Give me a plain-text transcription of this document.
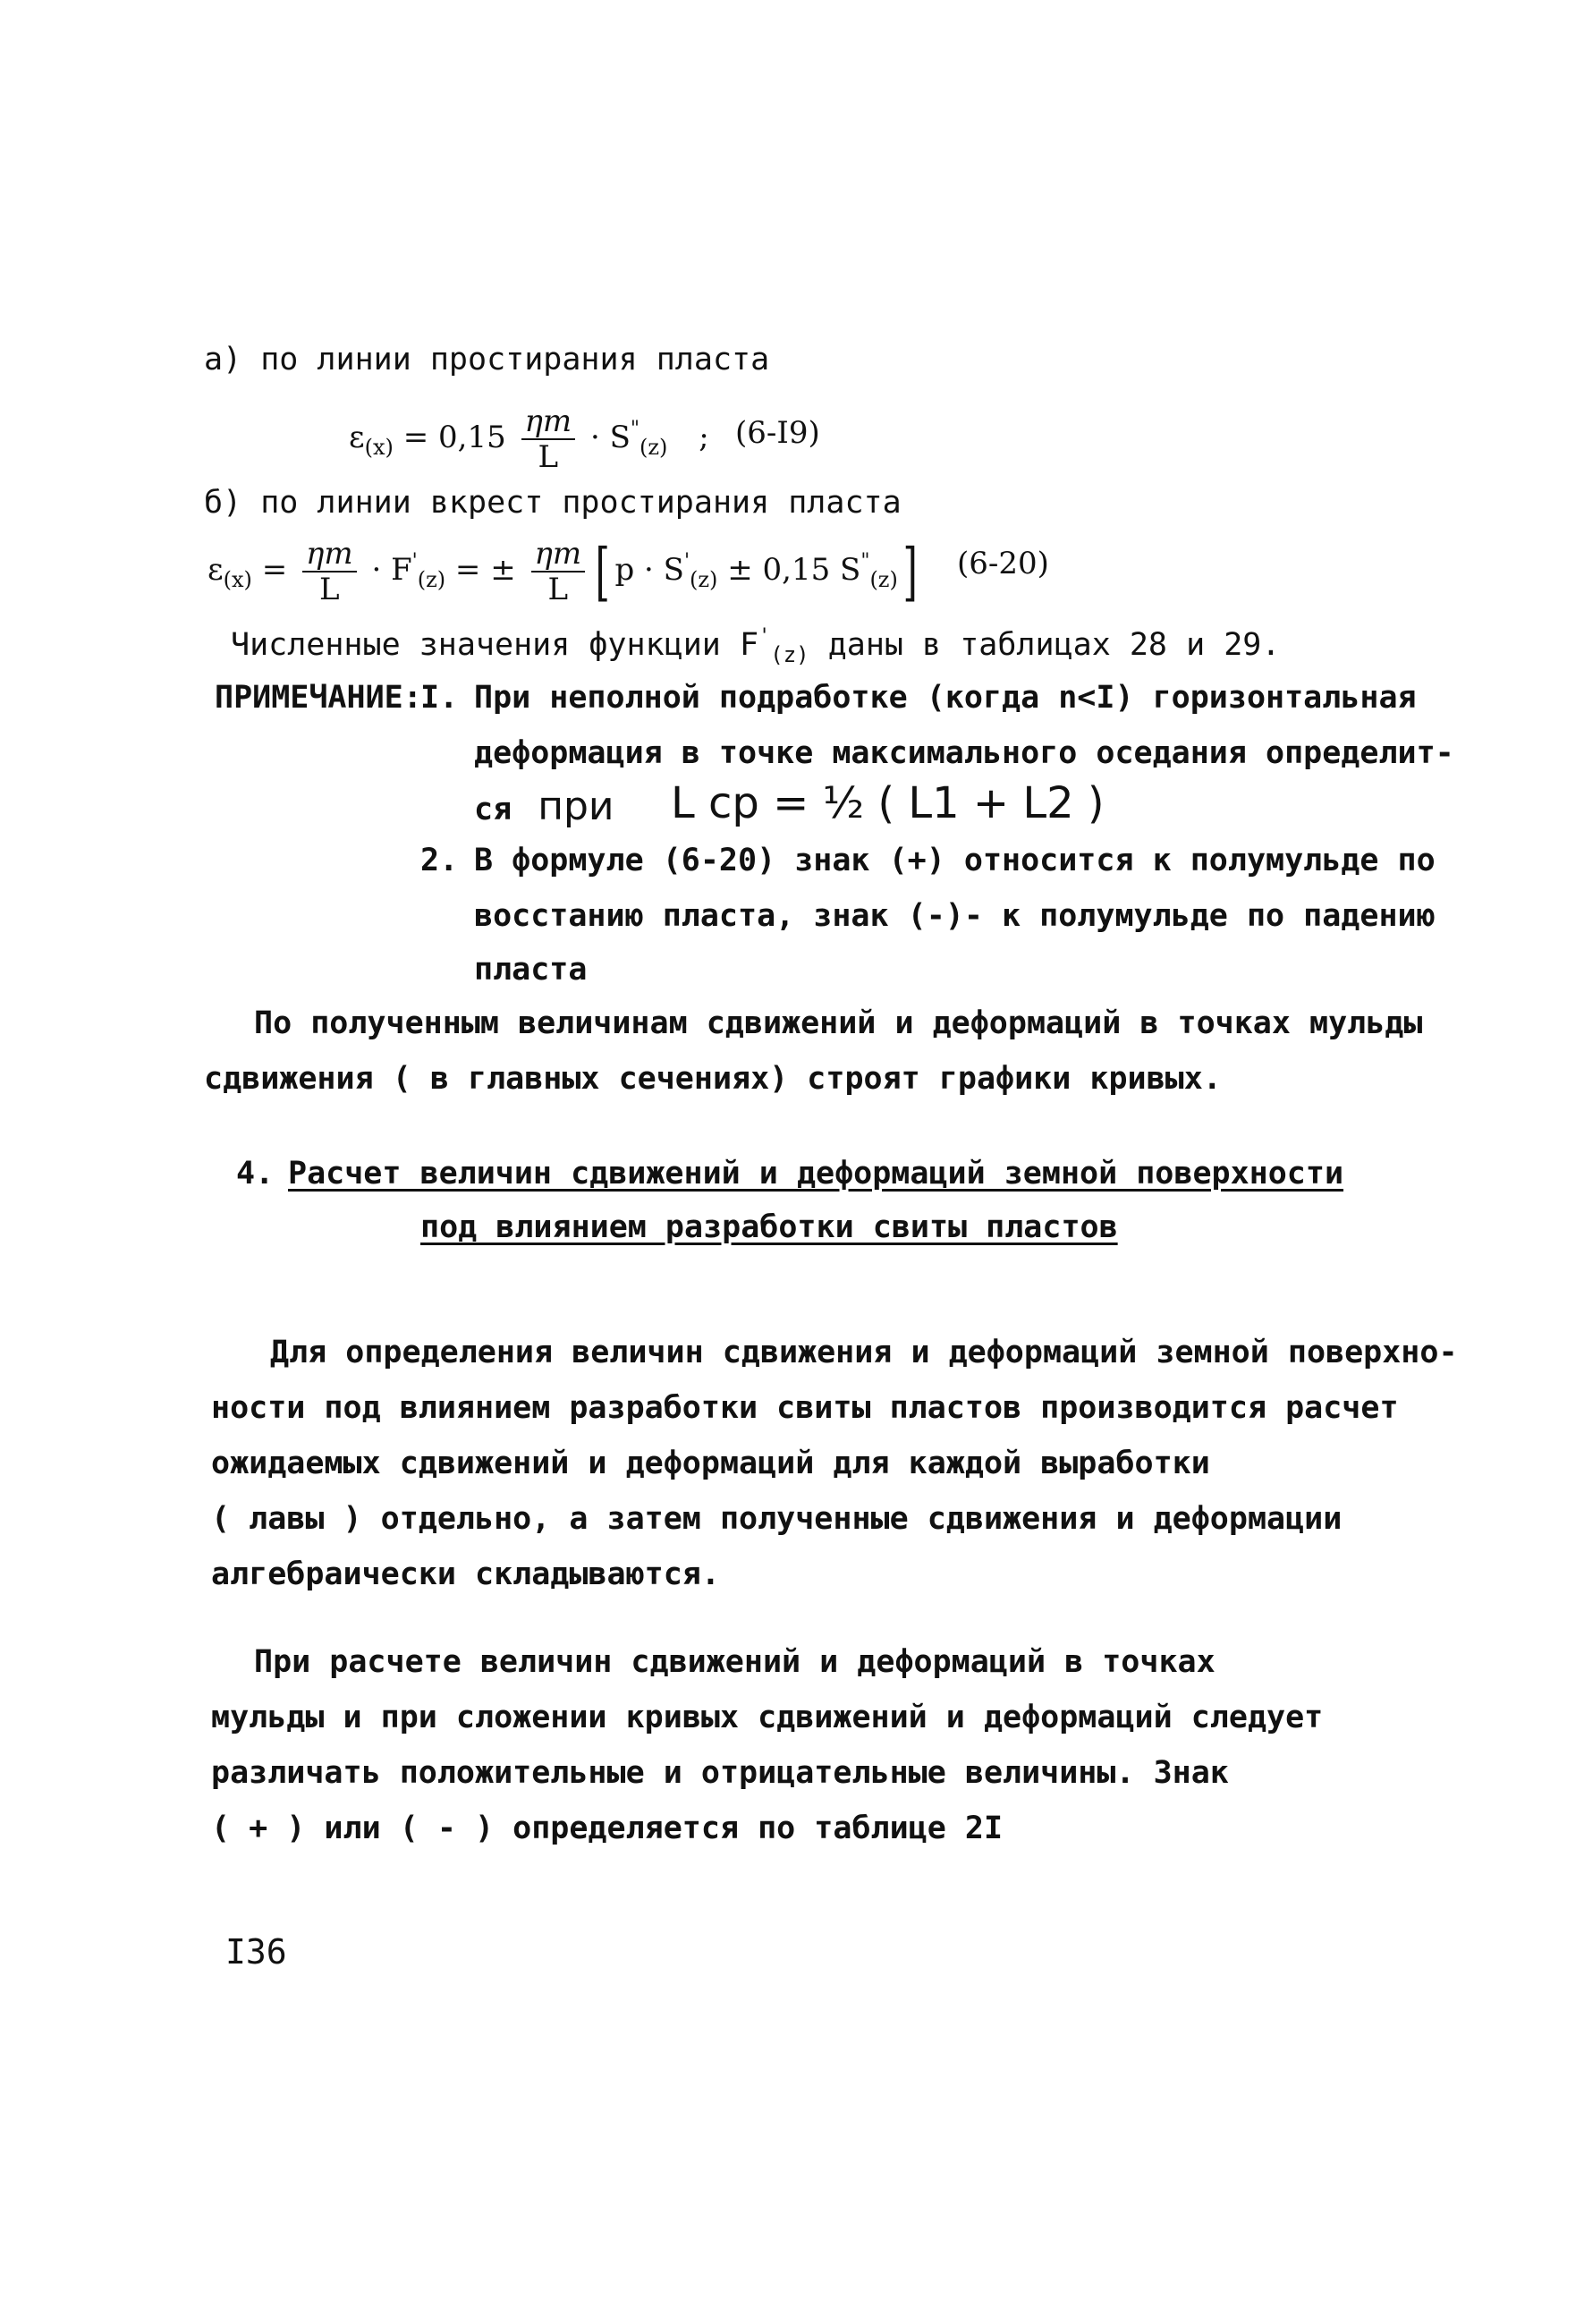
а) по линии простирания пласта
$\varepsilon_{(x)} = 0,15 \frac{\eta m}{L} \cdot S^"_{(z)}$ ; (6-I9)
б) по линии вкрест простирания пласта
$\varepsilon_{(x)} = \frac{\eta m}{L} \cdot F'_{(z)}$ = ± $\frac{\eta m}{L}$ [ $p \cdot S'_{(z)} \pm 0,15$ $S^"_{(z)}$] (6-20)
Численные значения функции $F'_{(z)}$ даны в таблицах 28 и 29.
ПРИМЕЧАНИЕ:
I. При неполной подработке (когда n<I) горизонтальная
деформация в точке максимального оседания определит-
ся при L cp = ½ ( L1 + L2 )
2. В формуле (6-20) знак (+) относится к полумульде по
восстанию пласта, знак (-)- к полумульде по падению
пласта
По полученным величинам сдвижений и деформаций в точках мульды
сдвижения ( в главных сечениях) строят графики кривых.
4. Расчет величин сдвижений и деформаций земной поверхности
под влиянием разработки свиты пластов
Для определения величин сдвижения и деформаций земной поверхно-
ности под влиянием разработки свиты пластов производится расчет
ожидаемых сдвижений и деформаций для каждой выработки
( лавы ) отдельно, а затем полученные сдвижения и деформации
алгебраически складываются.
При расчете величин сдвижений и деформаций в точках
мульды и при сложении кривых сдвижений и деформаций следует
различать положительные и отрицательные величины. Знак
( + ) или ( - ) определяется по таблице 2I
I36
